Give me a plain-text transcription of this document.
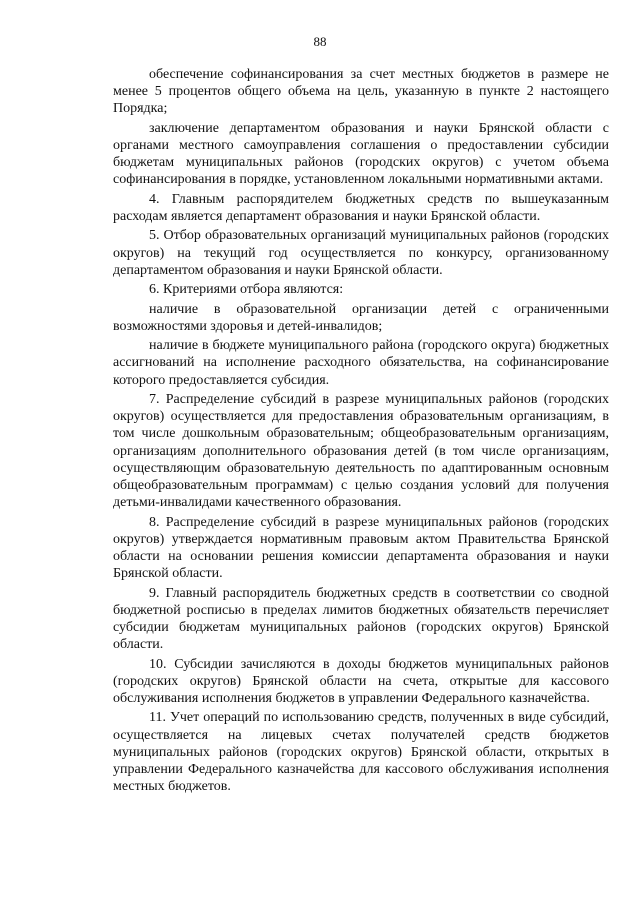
88

обеспечение софинансирования за счет местных бюджетов в размере не менее 5 процентов общего объема на цель, указанную в пункте 2 настоящего Порядка;

заключение департаментом образования и науки Брянской области с органами местного самоуправления соглашения о предоставлении субсидии бюджетам муниципальных районов (городских округов) с учетом объема софинансирования в порядке, установленном локальными нормативными актами.

4. Главным распорядителем бюджетных средств по вышеуказанным расходам является департамент образования и науки Брянской области.

5. Отбор образовательных организаций муниципальных районов (городских округов) на текущий год осуществляется по конкурсу, организованному департаментом образования и науки Брянской области.

6. Критериями отбора являются:

наличие в образовательной организации детей с ограниченными возможностями здоровья и детей-инвалидов;

наличие в бюджете муниципального района (городского округа) бюджетных ассигнований на исполнение расходного обязательства, на софинансирование которого предоставляется субсидия.

7. Распределение субсидий в разрезе муниципальных районов (городских округов) осуществляется для предоставления образовательным организациям, в том числе дошкольным образовательным; общеобразовательным организациям, организациям дополнительного образования детей (в том числе организациям, осуществляющим образовательную деятельность по адаптированным основным общеобразовательным программам) с целью создания условий для получения детьми-инвалидами качественного образования.

8. Распределение субсидий в разрезе муниципальных районов (городских округов) утверждается нормативным правовым актом Правительства Брянской области на основании решения комиссии департамента образования и науки Брянской области.

9. Главный распорядитель бюджетных средств в соответствии со сводной бюджетной росписью в пределах лимитов бюджетных обязательств перечисляет субсидии бюджетам муниципальных районов (городских округов) Брянской области.

10. Субсидии зачисляются в доходы бюджетов муниципальных районов (городских округов) Брянской области на счета, открытые для кассового обслуживания исполнения бюджетов в управлении Федерального казначейства.

11. Учет операций по использованию средств, полученных в виде субсидий, осуществляется на лицевых счетах получателей средств бюджетов муниципальных районов (городских округов) Брянской области, открытых в управлении Федерального казначейства для кассового обслуживания исполнения местных бюджетов.
